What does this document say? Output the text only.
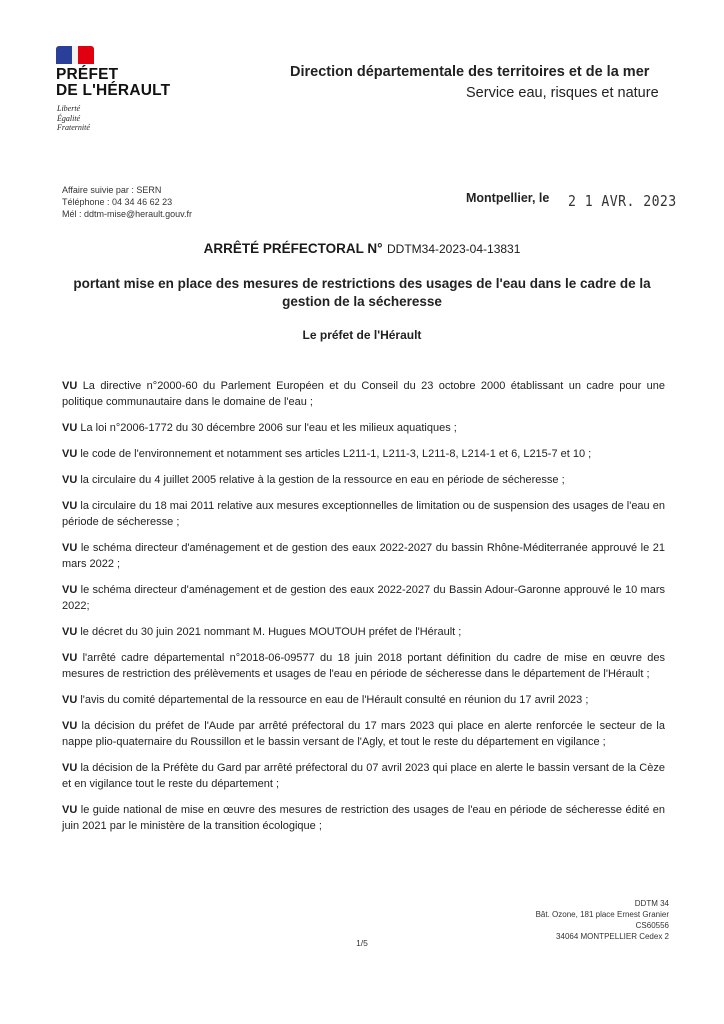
PRÉFET
DE L'HÉRAULT
Liberté
Égalité
Fraternité
Direction départementale des territoires et de la mer
Service eau, risques et nature
Affaire suivie par : SERN
Téléphone : 04 34 46 62 23
Mél : ddtm-mise@herault.gouv.fr
Montpellier, le 2 1 AVR. 2023
ARRÊTÉ PRÉFECTORAL N° DDTM34-2023-04-13831
portant mise en place des mesures de restrictions des usages de l'eau dans le cadre de la gestion de la sécheresse
Le préfet de l'Hérault

VU La directive n°2000-60 du Parlement Européen et du Conseil du 23 octobre 2000 établissant un cadre pour une politique communautaire dans le domaine de l'eau ;

VU La loi n°2006-1772 du 30 décembre 2006 sur l'eau et les milieux aquatiques ;

VU le code de l'environnement et notamment ses articles L211-1, L211-3, L211-8, L214-1 et 6, L215-7 et 10 ;

VU la circulaire du 4 juillet 2005 relative à la gestion de la ressource en eau en période de sécheresse ;

VU la circulaire du 18 mai 2011 relative aux mesures exceptionnelles de limitation ou de suspension des usages de l'eau en période de sécheresse ;

VU le schéma directeur d'aménagement et de gestion des eaux 2022-2027 du bassin Rhône-Méditerranée approuvé le 21 mars 2022 ;

VU le schéma directeur d'aménagement et de gestion des eaux 2022-2027 du Bassin Adour-Garonne approuvé le 10 mars 2022;

VU le décret du 30 juin 2021 nommant M. Hugues MOUTOUH préfet de l'Hérault ;

VU l'arrêté cadre départemental n°2018-06-09577 du 18 juin 2018 portant définition du cadre de mise en œuvre des mesures de restriction des prélèvements et usages de l'eau en période de sécheresse dans le département de l'Hérault ;

VU l'avis du comité départemental de la ressource en eau de l'Hérault consulté en réunion du 17 avril 2023 ;

VU la décision du préfet de l'Aude par arrêté préfectoral du 17 mars 2023 qui place en alerte renforcée le secteur de la nappe plio-quaternaire du Roussillon et le bassin versant de l'Agly, et tout le reste du département en vigilance ;

VU la décision de la Préfète du Gard par arrêté préfectoral du 07 avril 2023 qui place en alerte le bassin versant de la Cèze et en vigilance tout le reste du département ;

VU le guide national de mise en œuvre des mesures de restriction des usages de l'eau en période de sécheresse édité en juin 2021 par le ministère de la transition écologique ;

DDTM 34
Bât. Ozone, 181 place Ernest Granier
CS60556
34064 MONTPELLIER Cedex 2
1/5
